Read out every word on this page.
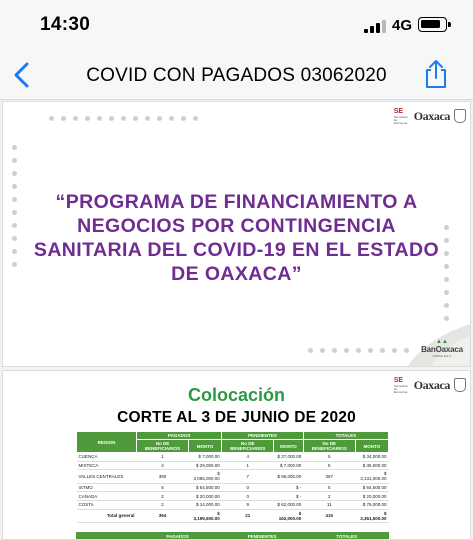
14:30	4G
COVID CON PAGADOS 03062020
SE
Secretaría de Economía
Oaxaca
“PROGRAMA DE FINANCIAMIENTO A NEGOCIOS POR CONTINGENCIA SANITARIA DEL COVID-19 EN EL ESTADO DE OAXACA”
▲▲
BanOaxaca
CRECE EN TI
SE
Secretaría de Economía
Oaxaca
Colocación
CORTE AL 3 DE JUNIO DE 2020
REGION	PAGADOS		PENDIENTES		TOTALES	
	No DE BENEFICIARIOS	MONTO	No DE BENEFICIARIOS	MONTO	No DE BENEFICIARIOS	MONTO
CUENCA	1	$ 7,000.00	4	$ 27,000.00	5	$ 34,000.00
MIXTECA	4	$ 29,000.00	1	$ 7,000.00	5	$ 36,000.00
VALLES CENTRALES	380	$ 3,065,000.00	7	$ 66,000.00	387	$ 3,131,000.00
ISTMO	5	$ 64,500.00	0	$ -	5	$ 64,500.00
CAÑADA	2	$ 20,000.00	0	$ -	2	$ 20,000.00
COSTA	2	$ 14,000.00	9	$ 62,000.00	11	$ 76,000.00
Total general	394	$ 3,199,500.00	21	$ 162,000.00	415	$ 3,361,500.00
PAGADOS	PENDIENTES	TOTALES
